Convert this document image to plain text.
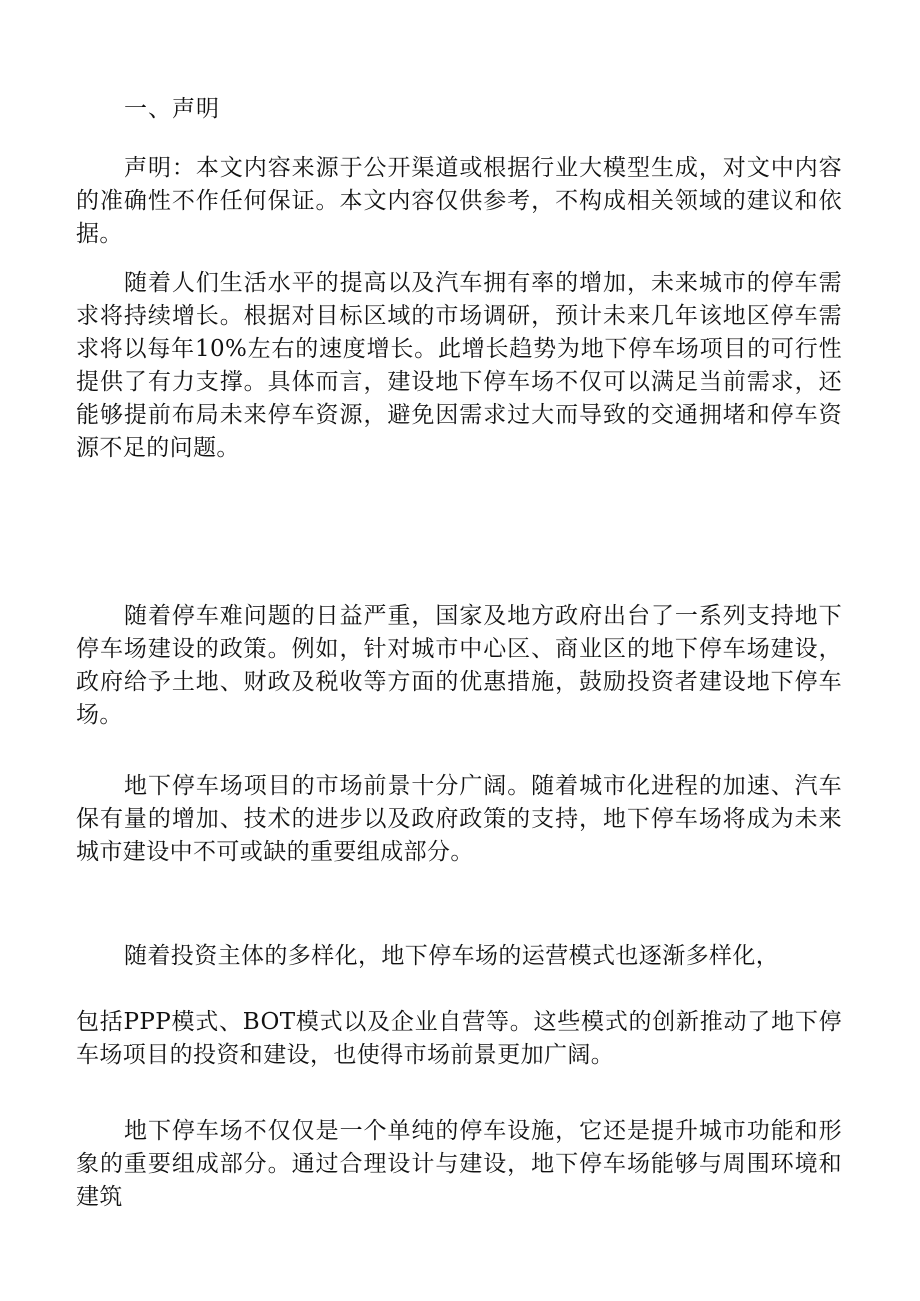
一、声明
声明：本文内容来源于公开渠道或根据行业大模型生成，对文中内容的准确性不作任何保证。本文内容仅供参考，不构成相关领域的建议和依据。
随着人们生活水平的提高以及汽车拥有率的增加，未来城市的停车需求将持续增长。根据对目标区域的市场调研，预计未来几年该地区停车需求将以每年10%左右的速度增长。此增长趋势为地下停车场项目的可行性提供了有力支撑。具体而言，建设地下停车场不仅可以满足当前需求，还能够提前布局未来停车资源，避免因需求过大而导致的交通拥堵和停车资源不足的问题。
随着停车难问题的日益严重，国家及地方政府出台了一系列支持地下停车场建设的政策。例如，针对城市中心区、商业区的地下停车场建设，政府给予土地、财政及税收等方面的优惠措施，鼓励投资者建设地下停车场。
地下停车场项目的市场前景十分广阔。随着城市化进程的加速、汽车保有量的增加、技术的进步以及政府政策的支持，地下停车场将成为未来城市建设中不可或缺的重要组成部分。
随着投资主体的多样化，地下停车场的运营模式也逐渐多样化，
包括PPP模式、BOT模式以及企业自营等。这些模式的创新推动了地下停车场项目的投资和建设，也使得市场前景更加广阔。
地下停车场不仅仅是一个单纯的停车设施，它还是提升城市功能和形象的重要组成部分。通过合理设计与建设，地下停车场能够与周围环境和建筑
